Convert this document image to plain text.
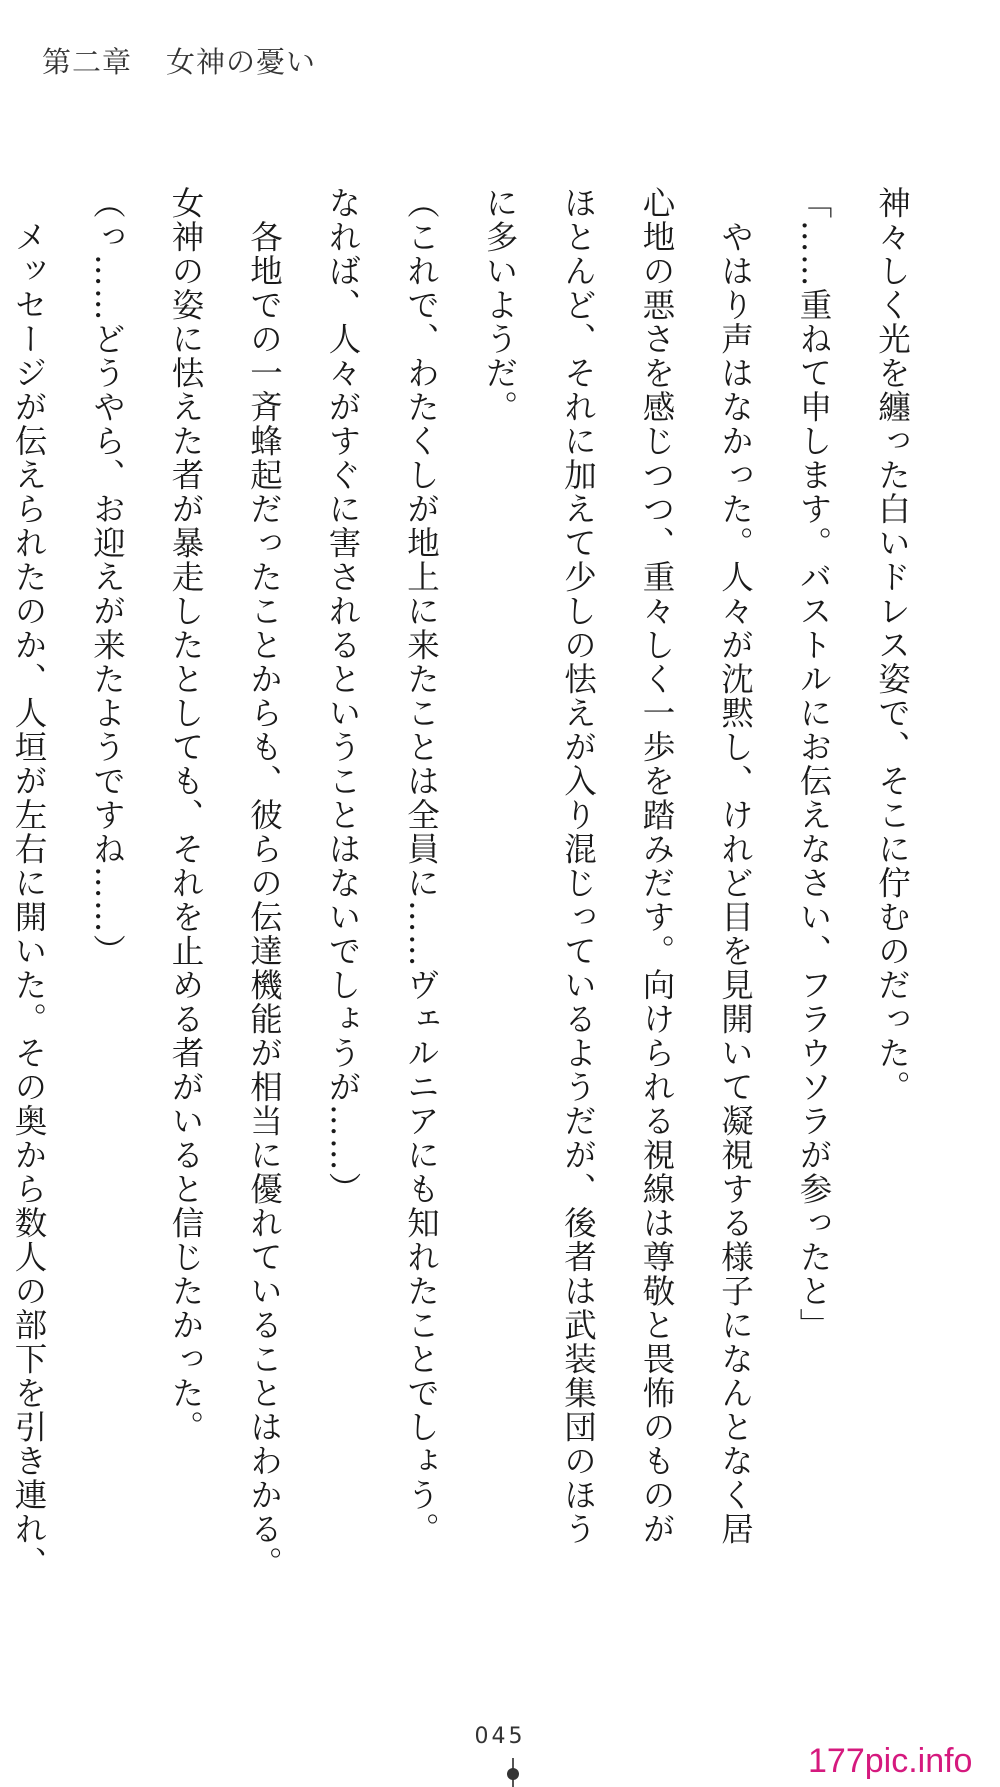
第二章 女神の憂い

神々しく光を纏った白いドレス姿で、そこに佇むのだった。

「……重ねて申します。バストルにお伝えなさい、フラウソラが参ったと」

　やはり声はなかった。人々が沈黙し、けれど目を見開いて凝視する様子になんとなく居

心地の悪さを感じつつ、重々しく一歩を踏みだす。向けられる視線は尊敬と畏怖のものが

ほとんど、それに加えて少しの怯えが入り混じっているようだが、後者は武装集団のほう

に多いようだ。

（これで、わたくしが地上に来たことは全員に……ヴェルニアにも知れたことでしょう。

なれば、人々がすぐに害されるということはないでしょうが……）

　各地での一斉蜂起だったことからも、彼らの伝達機能が相当に優れていることはわかる。

女神の姿に怯えた者が暴走したとしても、それを止める者がいると信じたかった。

（っ……どうやら、お迎えが来たようですね……）

　メッセージが伝えられたのか、人垣が左右に開いた。その奥から数人の部下を引き連れ、

045
177pic.info
